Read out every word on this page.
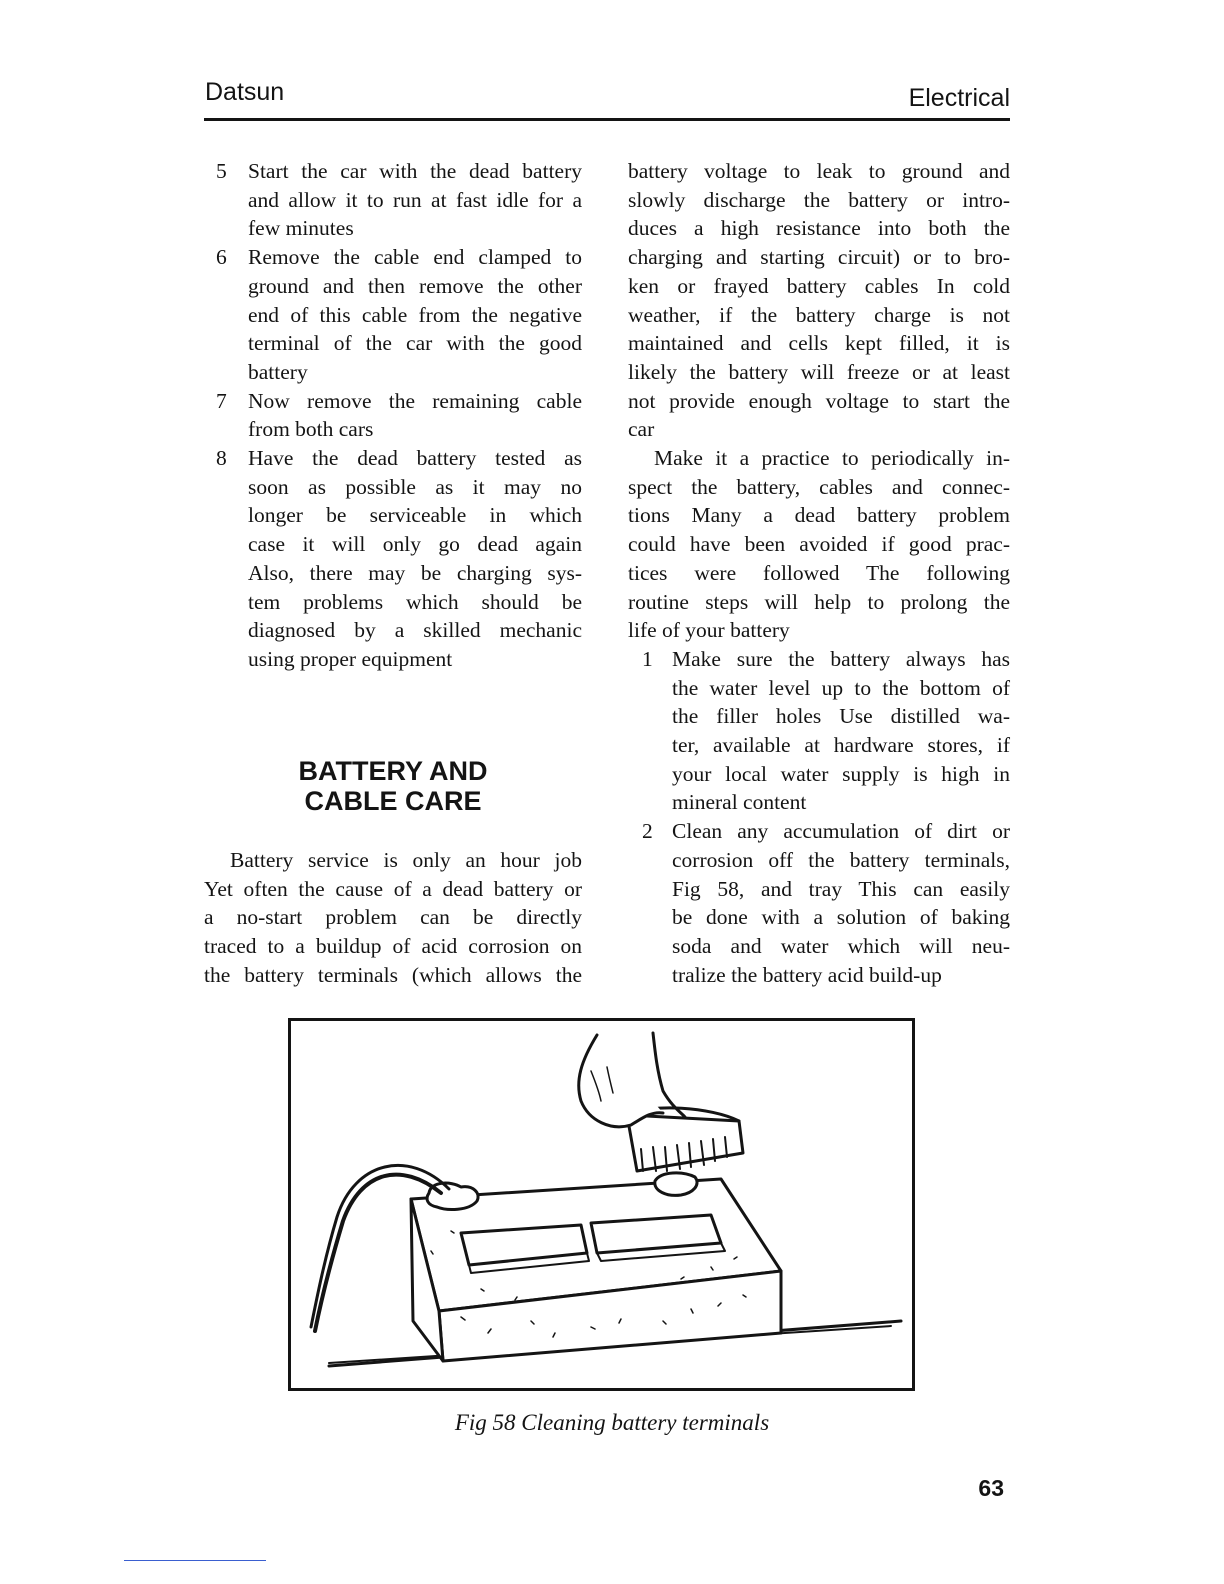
Datsun	Electrical
5 Start the car with the dead battery
and allow it to run at fast idle for a
few minutes
6 Remove the cable end clamped to
ground and then remove the other
end of this cable from the negative
terminal of the car with the good
battery
7 Now remove the remaining cable
from both cars
8 Have the dead battery tested as
soon as possible as it may no
longer be serviceable in which
case it will only go dead again
Also, there may be charging sys-
tem problems which should be
diagnosed by a skilled mechanic
using proper equipment
BATTERY AND
CABLE CARE
Battery service is only an hour job
Yet often the cause of a dead battery or
a no-start problem can be directly
traced to a buildup of acid corrosion on
the battery terminals (which allows the
battery voltage to leak to ground and
slowly discharge the battery or intro-
duces a high resistance into both the
charging and starting circuit) or to bro-
ken or frayed battery cables In cold
weather, if the battery charge is not
maintained and cells kept filled, it is
likely the battery will freeze or at least
not provide enough voltage to start the
car
Make it a practice to periodically in-
spect the battery, cables and connec-
tions Many a dead battery problem
could have been avoided if good prac-
tices were followed The following
routine steps will help to prolong the
life of your battery
1 Make sure the battery always has
the water level up to the bottom of
the filler holes Use distilled wa-
ter, available at hardware stores, if
your local water supply is high in
mineral content
2 Clean any accumulation of dirt or
corrosion off the battery terminals,
Fig 58, and tray This can easily
be done with a solution of baking
soda and water which will neu-
tralize the battery acid build-up
Fig 58 Cleaning battery terminals
63
